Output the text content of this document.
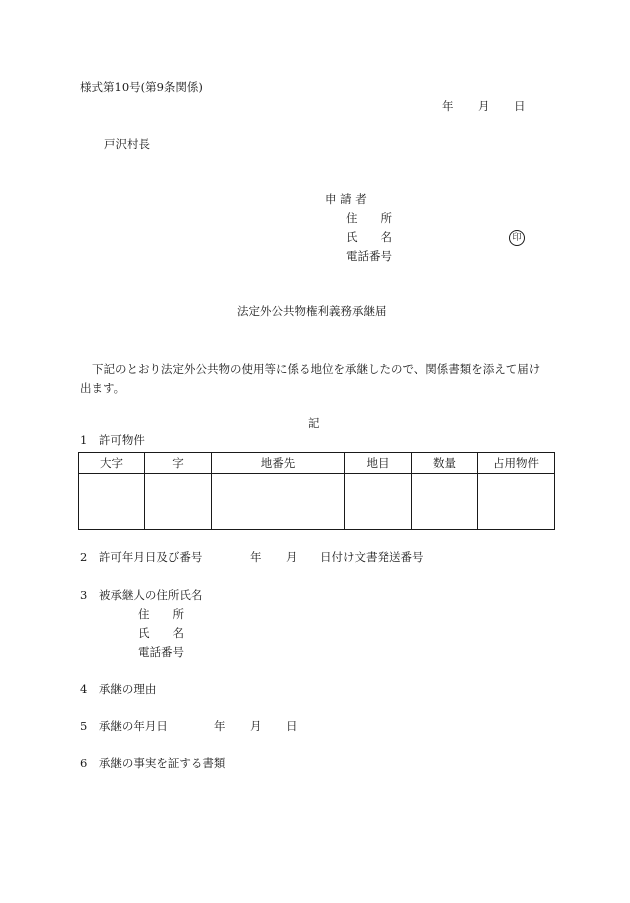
様式第10号(第9条関係)
年 月 日
戸沢村長
申 請 者
住　　所
氏　　名	印
電話番号
法定外公共物権利義務承継届
下記のとおり法定外公共物の使用等に係る地位を承継したので、関係書類を添えて届け出ます。
記
1　許可物件
大字	字	地番先	地目	数量	占用物件

2　許可年月日及び番号	年 月 日付け文書発送番号
3　被承継人の住所氏名
住　　所
氏　　名
電話番号
4　承継の理由
5　承継の年月日	年 月 日
6　承継の事実を証する書類
